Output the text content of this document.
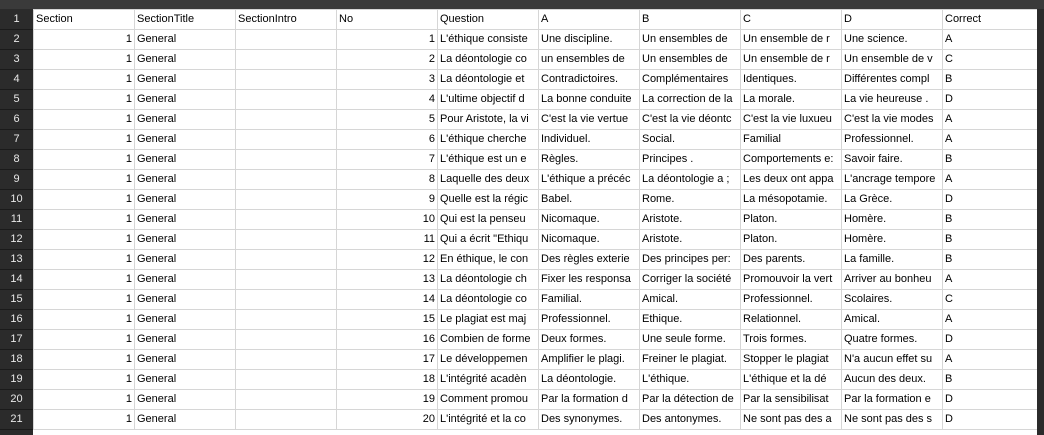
1
2
3
4
5
6
7
8
9
10
11
12
13
14
15
16
17
18
19
20
21
Section	SectionTitle	SectionIntro	No	Question	A	B	C	D	Correct
1	General		1	L'éthique consiste	Une discipline.	Un ensembles de	Un ensemble de r	Une science.	A
1	General		2	La déontologie co	un ensembles de	Un ensembles de	Un ensemble de r	Un ensemble de v	C
1	General		3	La déontologie et	Contradictoires.	Complémentaires	Identiques.	Différentes compl	B
1	General		4	L'ultime objectif d	La bonne conduite	La correction de la	La morale.	La vie heureuse .	D
1	General		5	Pour Aristote, la vi	C'est la vie vertue	C'est la vie déontc	C'est la vie luxueu	C'est la vie modes	A
1	General		6	L'éthique cherche	Individuel.	Social.	Familial	Professionnel.	A
1	General		7	L'éthique est un e	Règles.	Principes .	Comportements e:	Savoir faire.	B
1	General		8	Laquelle des deux	L'éthique a précéc	La déontologie a ;	Les deux ont appa	L'ancrage tempore	A
1	General		9	Quelle est la régic	Babel.	Rome.	La mésopotamie.	La Grèce.	D
1	General		10	Qui est la penseu	Nicomaque.	Aristote.	Platon.	Homère.	B
1	General		11	Qui a écrit "Ethiqu	Nicomaque.	Aristote.	Platon.	Homère.	B
1	General		12	En éthique, le con	Des règles exterie	Des principes per:	Des parents.	La famille.	B
1	General		13	La déontologie ch	Fixer les responsa	Corriger la société	Promouvoir la vert	Arriver au bonheu	A
1	General		14	La déontologie co	Familial.	Amical.	Professionnel.	Scolaires.	C
1	General		15	Le plagiat est maj	Professionnel.	Ethique.	Relationnel.	Amical.	A
1	General		16	Combien de forme	Deux formes.	Une seule forme.	Trois formes.	Quatre formes.	D
1	General		17	Le développemen	Amplifier le plagi.	Freiner le plagiat.	Stopper le plagiat	N'a aucun effet su	A
1	General		18	L'intégrité acadèn	La déontologie.	L'éthique.	L'éthique et la dé	Aucun des deux.	B
1	General		19	Comment promou	Par la formation d	Par la détection de	Par la sensibilisat	Par la formation e	D
1	General		20	L'intégrité et la co	Des synonymes.	Des antonymes.	Ne sont pas des a	Ne sont pas des s	D
